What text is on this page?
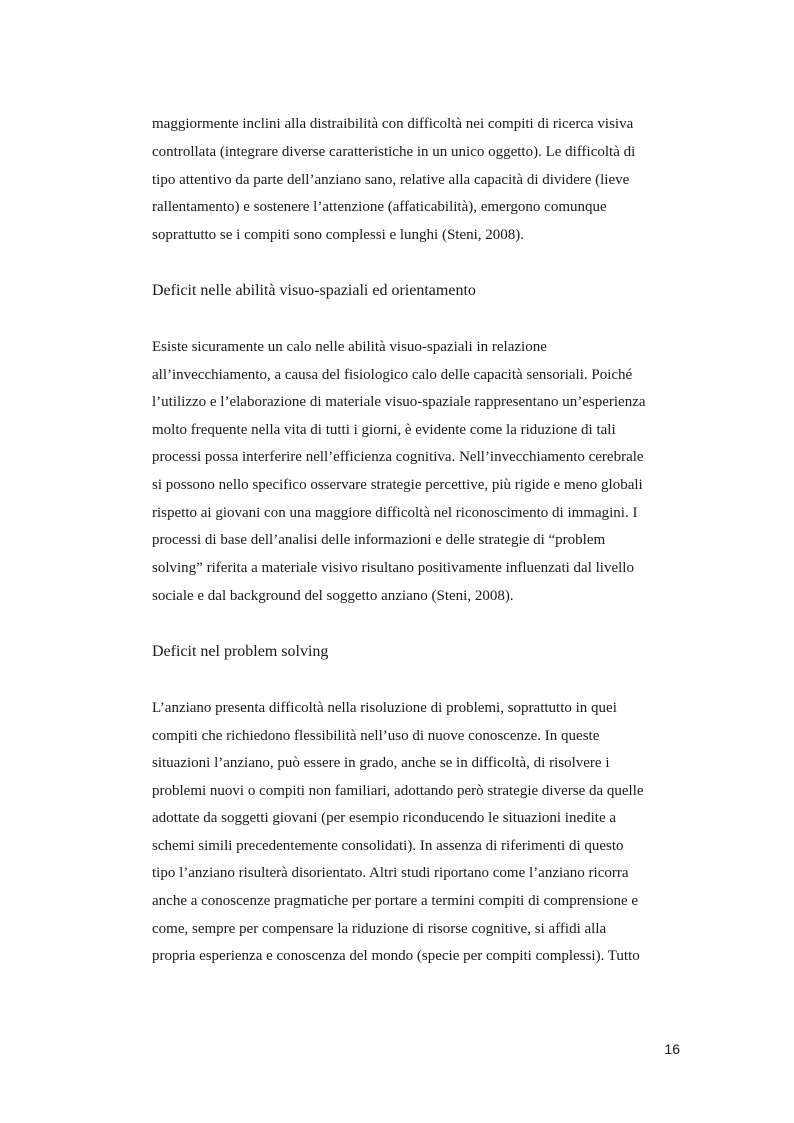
maggiormente inclini alla distraibilità con difficoltà nei compiti di ricerca visiva

controllata (integrare diverse caratteristiche in un unico oggetto). Le difficoltà di

tipo attentivo da parte dell’anziano sano, relative alla capacità di dividere (lieve

rallentamento) e sostenere l’attenzione (affaticabilità), emergono comunque

soprattutto se i compiti sono complessi e lunghi (Steni, 2008).

Deficit nelle abilità visuo-spaziali ed orientamento

Esiste sicuramente un calo nelle abilità visuo-spaziali in relazione

all’invecchiamento, a causa del fisiologico calo delle capacità sensoriali. Poiché

l’utilizzo e l’elaborazione di materiale visuo-spaziale rappresentano un’esperienza

molto frequente nella vita di tutti i giorni, è evidente come la riduzione di tali

processi possa interferire nell’efficienza cognitiva. Nell’invecchiamento cerebrale

si possono nello specifico osservare strategie percettive, più rigide e meno globali

rispetto ai giovani con una maggiore difficoltà nel riconoscimento di immagini. I

processi di base dell’analisi delle informazioni e delle strategie di “problem

solving” riferita a materiale visivo risultano positivamente influenzati dal livello

sociale e dal background del soggetto anziano (Steni, 2008).

Deficit nel problem solving

L’anziano presenta difficoltà nella risoluzione di problemi, soprattutto in quei

compiti che richiedono flessibilità nell’uso di nuove conoscenze. In queste

situazioni l’anziano, può essere in grado, anche se in difficoltà, di risolvere i

problemi nuovi o compiti non familiari, adottando però strategie diverse da quelle

adottate da soggetti giovani (per esempio riconducendo le situazioni inedite a

schemi simili precedentemente consolidati). In assenza di riferimenti di questo

tipo l’anziano risulterà disorientato. Altri studi riportano come l’anziano ricorra

anche a conoscenze pragmatiche per portare a termini compiti di comprensione e

come, sempre per compensare la riduzione di risorse cognitive, si affidi alla

propria esperienza e conoscenza del mondo (specie per compiti complessi). Tutto

16
